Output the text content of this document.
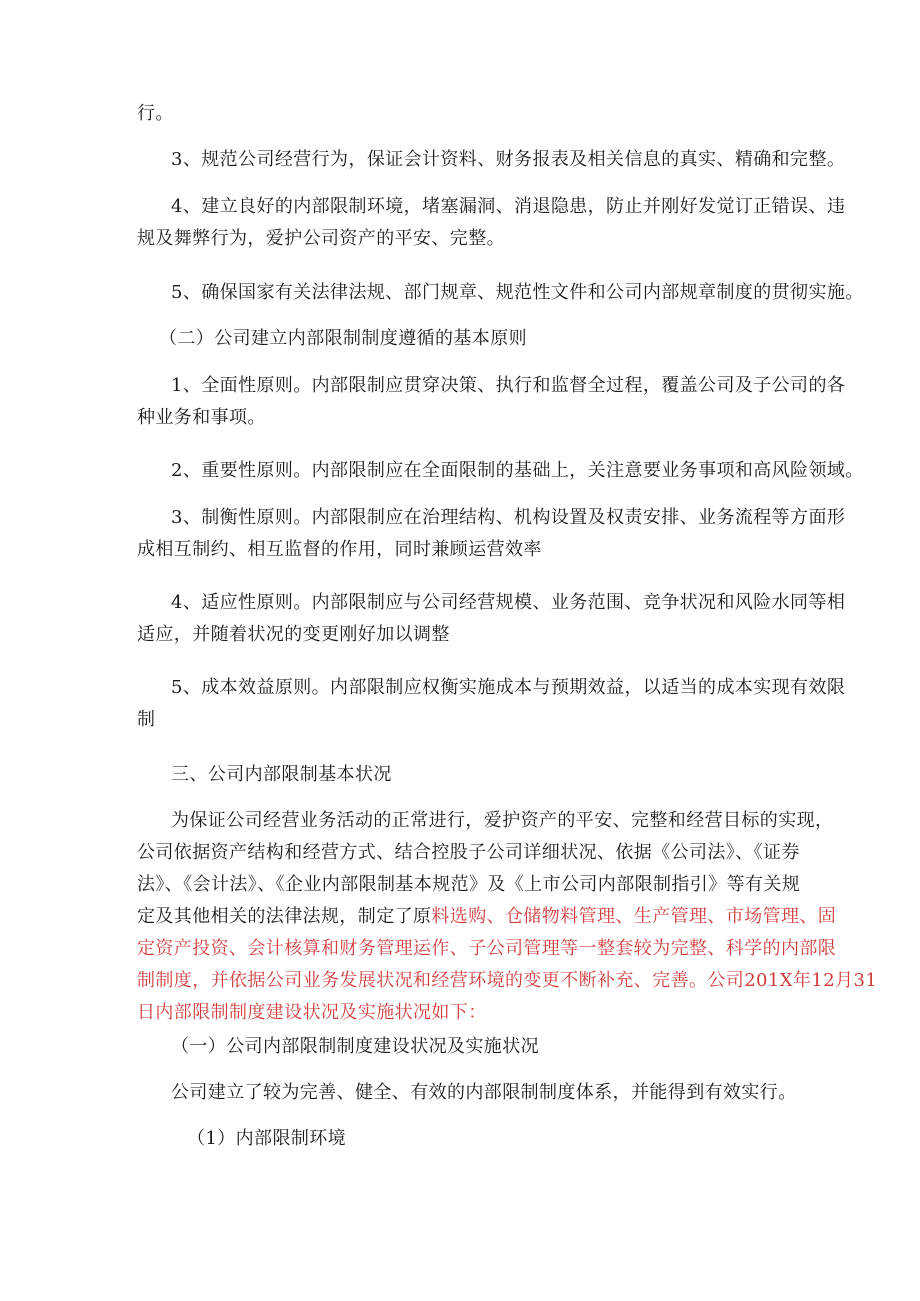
行。

3、规范公司经营行为，保证会计资料、财务报表及相关信息的真实、精确和完整。

4、建立良好的内部限制环境，堵塞漏洞、消退隐患，防止并刚好发觉订正错误、违
规及舞弊行为，爱护公司资产的平安、完整。

5、确保国家有关法律法规、部门规章、规范性文件和公司内部规章制度的贯彻实施。

（二）公司建立内部限制制度遵循的基本原则

1、全面性原则。内部限制应贯穿决策、执行和监督全过程，覆盖公司及子公司的各
种业务和事项。

2、重要性原则。内部限制应在全面限制的基础上，关注意要业务事项和高风险领域。

3、制衡性原则。内部限制应在治理结构、机构设置及权责安排、业务流程等方面形
成相互制约、相互监督的作用，同时兼顾运营效率

4、适应性原则。内部限制应与公司经营规模、业务范围、竞争状况和风险水同等相
适应，并随着状况的变更刚好加以调整

5、成本效益原则。内部限制应权衡实施成本与预期效益，以适当的成本实现有效限
制

三、公司内部限制基本状况

为保证公司经营业务活动的正常进行，爱护资产的平安、完整和经营目标的实现，
公司依据资产结构和经营方式、结合控股子公司详细状况、依据《公司法》、《证券
法》、《会计法》、《企业内部限制基本规范》及《上市公司内部限制指引》等有关规
定及其他相关的法律法规，制定了原料选购、仓储物料管理、生产管理、市场管理、固
定资产投资、会计核算和财务管理运作、子公司管理等一整套较为完整、科学的内部限
制制度，并依据公司业务发展状况和经营环境的变更不断补充、完善。公司201X年12月31
日内部限制制度建设状况及实施状况如下：

（一）公司内部限制制度建设状况及实施状况

公司建立了较为完善、健全、有效的内部限制制度体系，并能得到有效实行。

（1）内部限制环境
